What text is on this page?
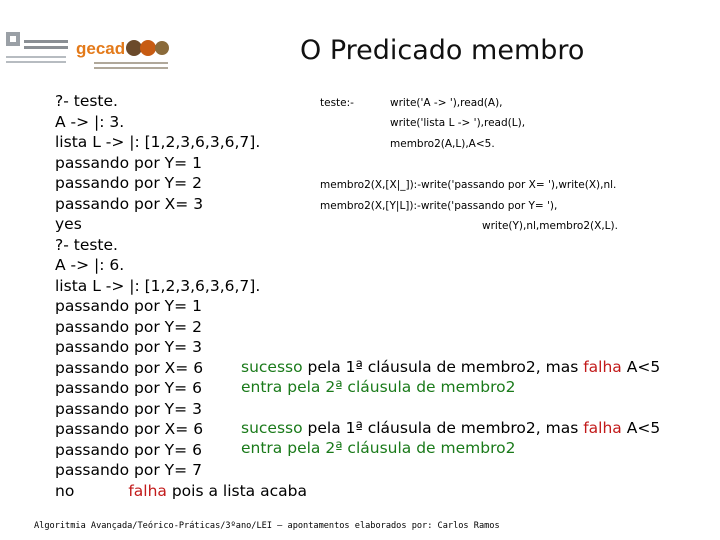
gecad	O Predicado membro
?- teste.
A -> |: 3.
lista L -> |: [1,2,3,6,3,6,7].
passando por Y= 1
passando por Y= 2
passando por X= 3
yes
?- teste.
A -> |: 6.
lista L -> |: [1,2,3,6,3,6,7].
passando por Y= 1
passando por Y= 2
passando por Y= 3
passando por X= 6
passando por Y= 6
passando por Y= 3
passando por X= 6
passando por Y= 6
passando por Y= 7
no	falha pois a lista acaba
teste:-	write('A -> '),read(A),
write('lista L -> '),read(L),
membro2(A,L),A<5.
membro2(X,[X|_]):-write('passando por X= '),write(X),nl.
membro2(X,[Y|L]):-write('passando por Y= '),
write(Y),nl,membro2(X,L).
sucesso pela 1ª cláusula de membro2, mas falha A<5
entra pela 2ª cláusula de membro2
sucesso pela 1ª cláusula de membro2, mas falha A<5
entra pela 2ª cláusula de membro2
Algoritmia Avançada/Teórico-Práticas/3ºano/LEI – apontamentos elaborados por: Carlos Ramos
